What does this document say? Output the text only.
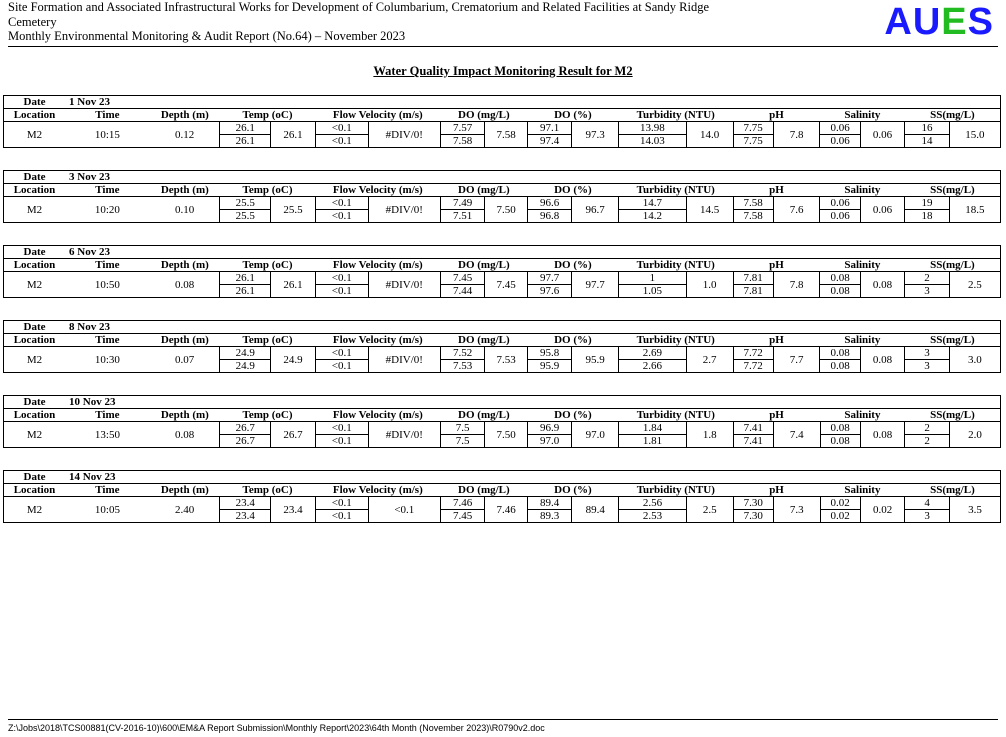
Site Formation and Associated Infrastructural Works for Development of Columbarium, Crematorium and Related Facilities at Sandy Ridge
Cemetery
Monthly Environmental Monitoring & Audit Report (No.64) – November 2023	AUES
Water Quality Impact Monitoring Result for M2
Date	1 Nov 23																	
Location	Time	Depth (m)	Temp (oC)		Flow Velocity (m/s)		DO (mg/L)		DO (%)		Turbidity (NTU)		pH		Salinity		SS(mg/L)	
M2	10:15	0.12	26.1	26.1	<0.1	#DIV/0!	7.57	7.58	97.1	97.3	13.98	14.0	7.75	7.8	0.06	0.06	16	15.0
			26.1		<0.1		7.58		97.4		14.03		7.75		0.06		14	
Date	3 Nov 23																	
Location	Time	Depth (m)	Temp (oC)		Flow Velocity (m/s)		DO (mg/L)		DO (%)		Turbidity (NTU)		pH		Salinity		SS(mg/L)	
M2	10:20	0.10	25.5	25.5	<0.1	#DIV/0!	7.49	7.50	96.6	96.7	14.7	14.5	7.58	7.6	0.06	0.06	19	18.5
			25.5		<0.1		7.51		96.8		14.2		7.58		0.06		18	
Date	6 Nov 23																	
Location	Time	Depth (m)	Temp (oC)		Flow Velocity (m/s)		DO (mg/L)		DO (%)		Turbidity (NTU)		pH		Salinity		SS(mg/L)	
M2	10:50	0.08	26.1	26.1	<0.1	#DIV/0!	7.45	7.45	97.7	97.7	1	1.0	7.81	7.8	0.08	0.08	2	2.5
			26.1		<0.1		7.44		97.6		1.05		7.81		0.08		3	
Date	8 Nov 23																	
Location	Time	Depth (m)	Temp (oC)		Flow Velocity (m/s)		DO (mg/L)		DO (%)		Turbidity (NTU)		pH		Salinity		SS(mg/L)	
M2	10:30	0.07	24.9	24.9	<0.1	#DIV/0!	7.52	7.53	95.8	95.9	2.69	2.7	7.72	7.7	0.08	0.08	3	3.0
			24.9		<0.1		7.53		95.9		2.66		7.72		0.08		3	
Date	10 Nov 23																	
Location	Time	Depth (m)	Temp (oC)		Flow Velocity (m/s)		DO (mg/L)		DO (%)		Turbidity (NTU)		pH		Salinity		SS(mg/L)	
M2	13:50	0.08	26.7	26.7	<0.1	#DIV/0!	7.5	7.50	96.9	97.0	1.84	1.8	7.41	7.4	0.08	0.08	2	2.0
			26.7		<0.1		7.5		97.0		1.81		7.41		0.08		2	
Date	14 Nov 23																	
Location	Time	Depth (m)	Temp (oC)		Flow Velocity (m/s)		DO (mg/L)		DO (%)		Turbidity (NTU)		pH		Salinity		SS(mg/L)	
M2	10:05	2.40	23.4	23.4	<0.1	<0.1	7.46	7.46	89.4	89.4	2.56	2.5	7.30	7.3	0.02	0.02	4	3.5
			23.4		<0.1		7.45		89.3		2.53		7.30		0.02		3	
Z:\Jobs\2018\TCS00881(CV-2016-10)\600\EM&A Report Submission\Monthly Report\2023\64th Month (November 2023)\R0790v2.doc
